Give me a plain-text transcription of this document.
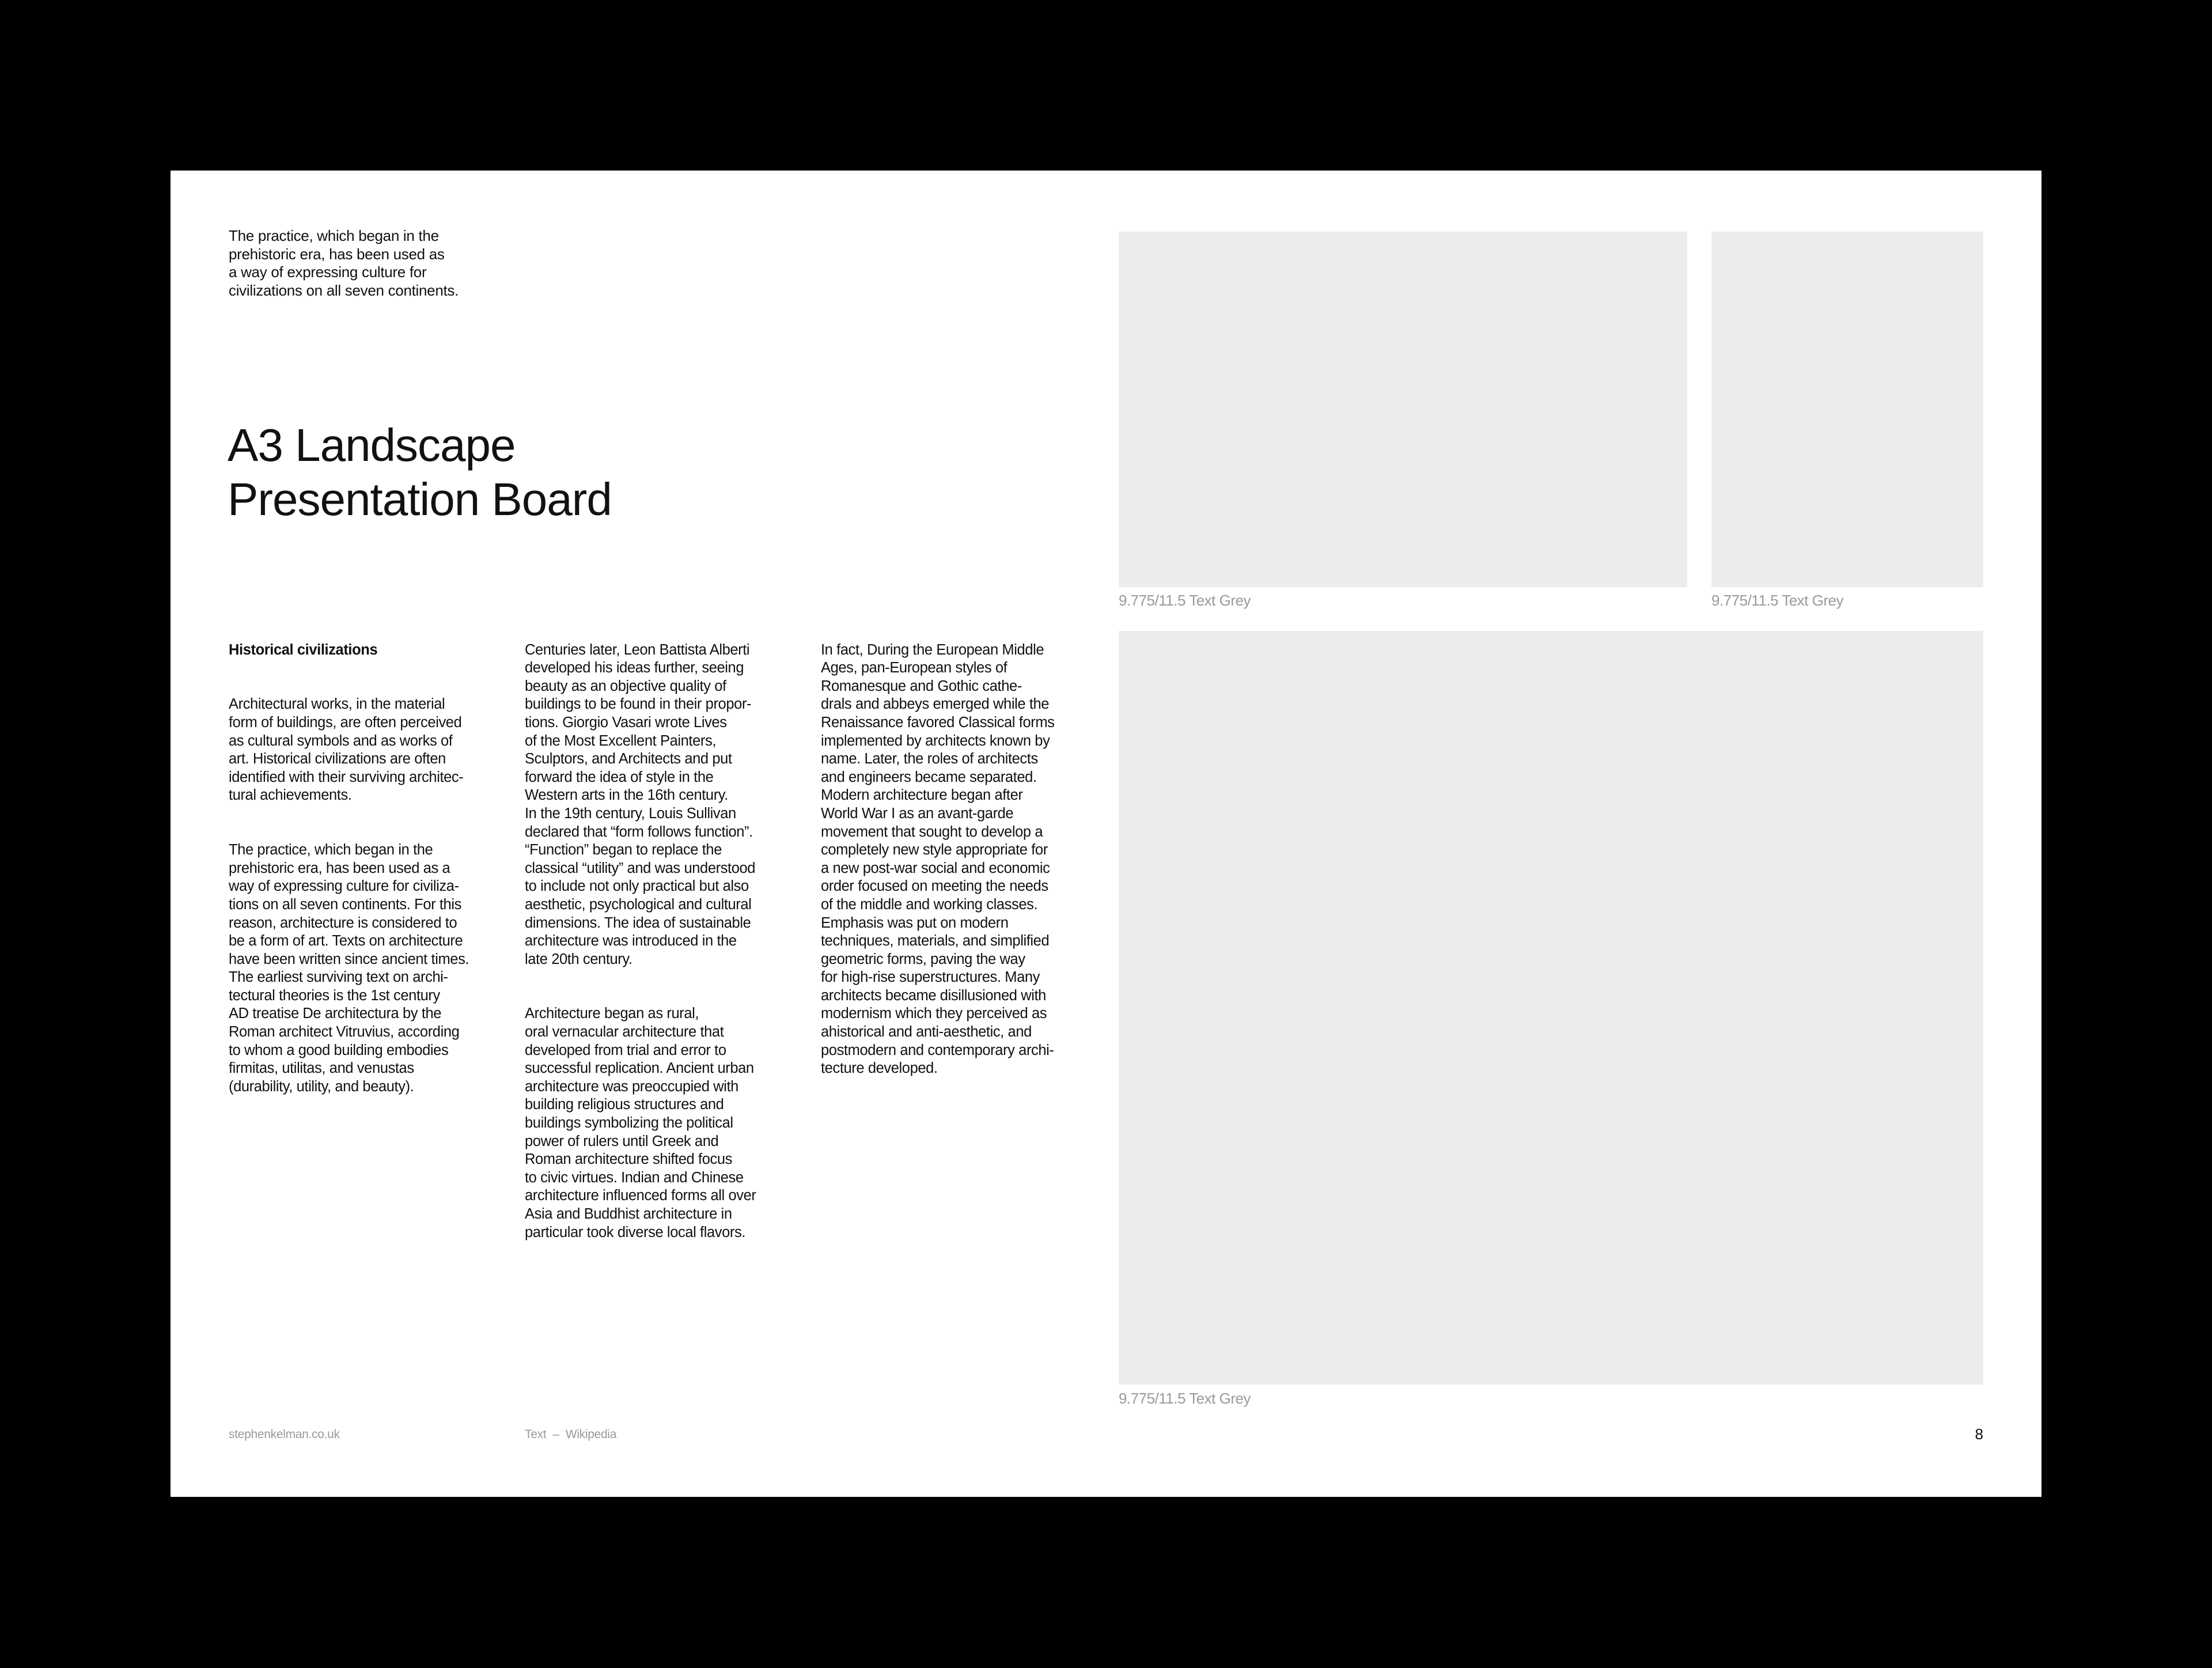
The practice, which began in the
prehistoric era, has been used as
a way of expressing culture for
civilizations on all seven continents.
A3 Landscape
Presentation Board

Historical civilizations

Architectural works, in the material
form of buildings, are often perceived
as cultural symbols and as works of
art. Historical civilizations are often
identified with their surviving architec-
tural achievements.

The practice, which began in the
prehistoric era, has been used as a
way of expressing culture for civiliza-
tions on all seven continents. For this
reason, architecture is considered to
be a form of art. Texts on architecture
have been written since ancient times.
The earliest surviving text on archi-
tectural theories is the 1st century
AD treatise De architectura by the
Roman architect Vitruvius, according
to whom a good building embodies
firmitas, utilitas, and venustas
(durability, utility, and beauty).

Centuries later, Leon Battista Alberti
developed his ideas further, seeing
beauty as an objective quality of
buildings to be found in their propor-
tions. Giorgio Vasari wrote Lives
of the Most Excellent Painters,
Sculptors, and Architects and put
forward the idea of style in the
Western arts in the 16th century.
In the 19th century, Louis Sullivan
declared that “form follows function”.
“Function” began to replace the
classical “utility” and was understood
to include not only practical but also
aesthetic, psychological and cultural
dimensions. The idea of sustainable
architecture was introduced in the
late 20th century.

Architecture began as rural,
oral vernacular architecture that
developed from trial and error to
successful replication. Ancient urban
architecture was preoccupied with
building religious structures and
buildings symbolizing the political
power of rulers until Greek and
Roman architecture shifted focus
to civic virtues. Indian and Chinese
architecture influenced forms all over
Asia and Buddhist architecture in
particular took diverse local flavors.

In fact, During the European Middle
Ages, pan-European styles of
Romanesque and Gothic cathe-
drals and abbeys emerged while the
Renaissance favored Classical forms
implemented by architects known by
name. Later, the roles of architects
and engineers became separated.
Modern architecture began after
World War I as an avant-garde
movement that sought to develop a
completely new style appropriate for
a new post-war social and economic
order focused on meeting the needs
of the middle and working classes.
Emphasis was put on modern
techniques, materials, and simplified
geometric forms, paving the way
for high-rise superstructures. Many
architects became disillusioned with
modernism which they perceived as
ahistorical and anti-aesthetic, and
postmodern and contemporary archi-
tecture developed.

9.775/11.5 Text Grey	9.775/11.5 Text Grey
9.775/11.5 Text Grey
stephenkelman.co.uk	Text  –  Wikipedia	8
